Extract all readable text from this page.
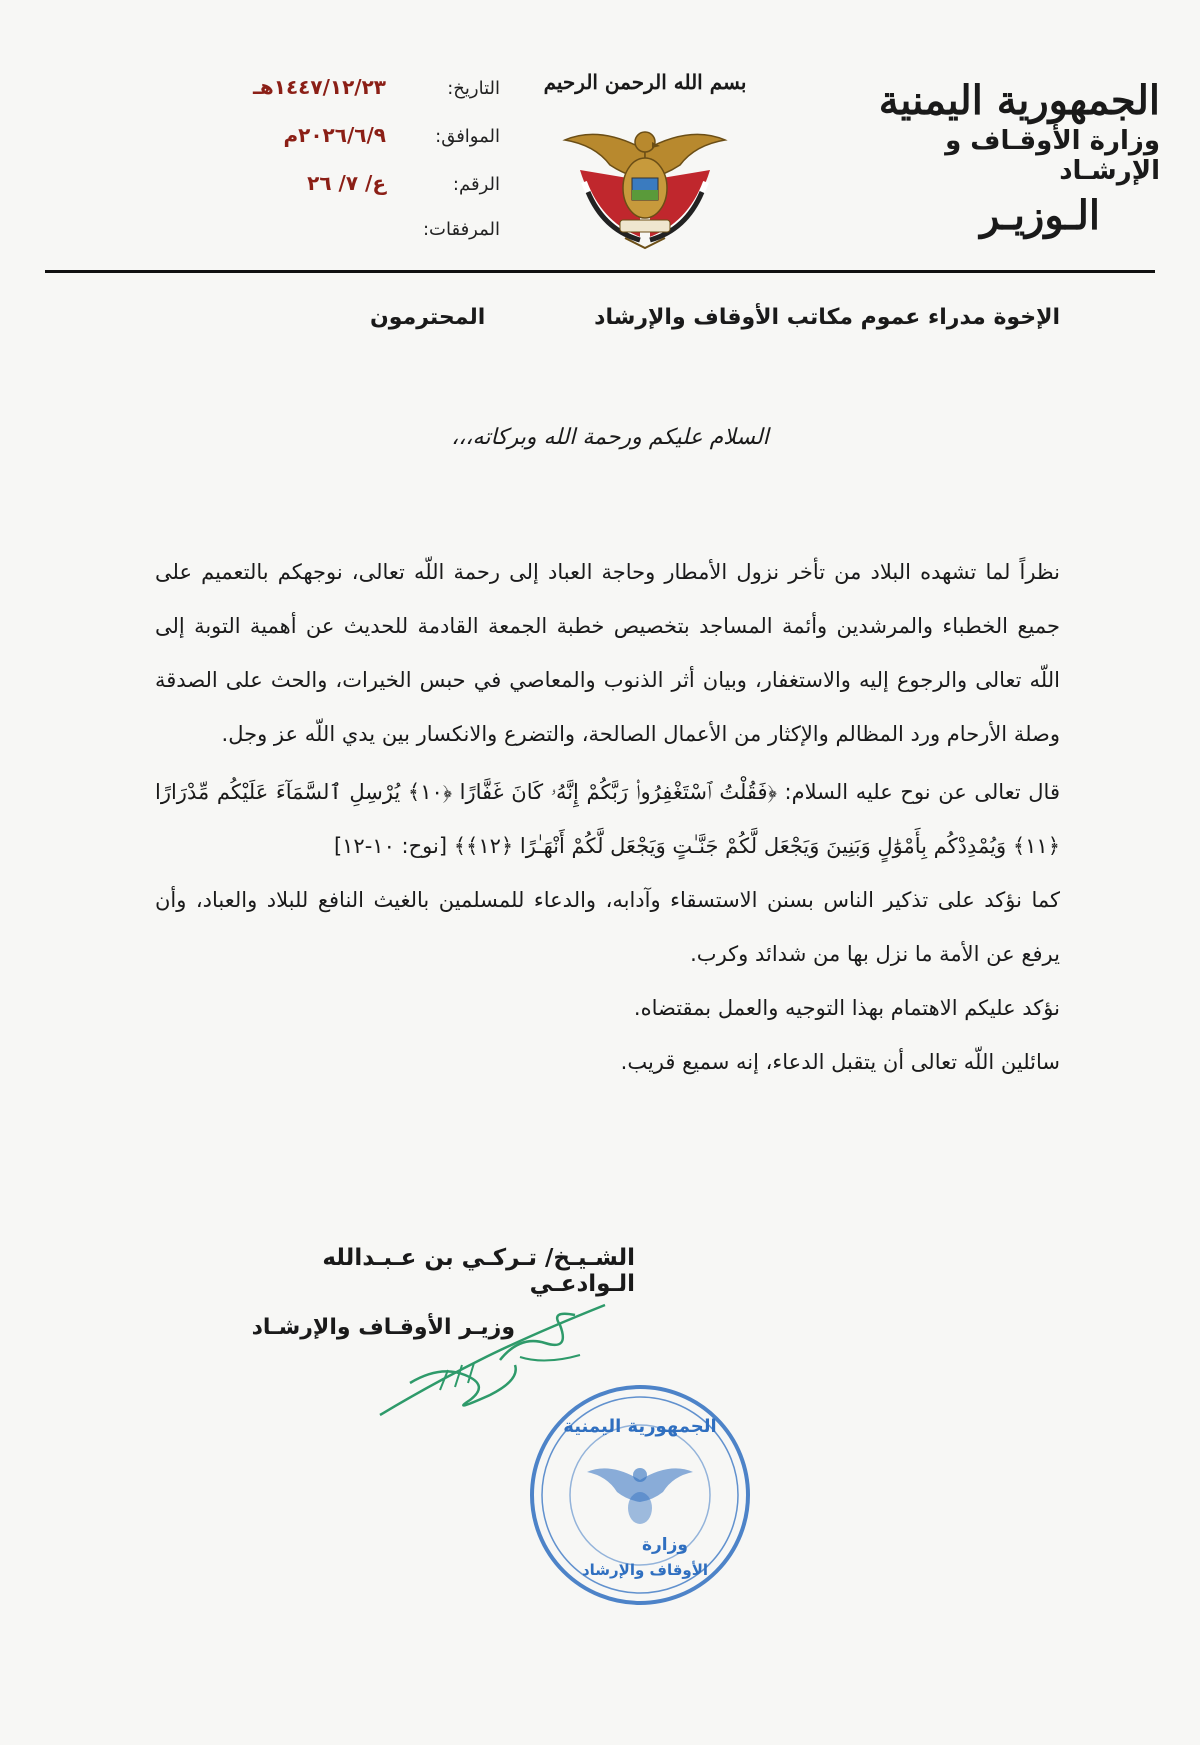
الجمهورية اليمنية
وزارة الأوقـاف و الإرشـاد
الـوزيـر
بسم الله الرحمن الرحيم
التاريخ:
١٤٤٧/١٢/٢٣هـ
الموافق:
٢٠٢٦/٦/٩م
الرقم:
ع/ ٧/ ٢٦
المرفقات:
الإخوة مدراء عموم مكاتب الأوقاف والإرشاد
المحترمون
السلام عليكم ورحمة الله وبركاته،،،

نظراً لما تشهده البلاد من تأخر نزول الأمطار وحاجة العباد إلى رحمة اللّه تعالى، نوجهكم بالتعميم على جميع الخطباء والمرشدين وأئمة المساجد بتخصيص خطبة الجمعة القادمة للحديث عن أهمية التوبة إلى اللّه تعالى والرجوع إليه والاستغفار، وبيان أثر الذنوب والمعاصي في حبس الخيرات، والحث على الصدقة وصلة الأرحام ورد المظالم والإكثار من الأعمال الصالحة، والتضرع والانكسار بين يدي اللّه عز وجل.

قال تعالى عن نوح عليه السلام: ﴿فَقُلْتُ ٱسْتَغْفِرُوا۟ رَبَّكُمْ إِنَّهُۥ كَانَ غَفَّارًا ﴿١٠﴾ يُرْسِلِ ٱلسَّمَآءَ عَلَيْكُم مِّدْرَارًا ﴿١١﴾ وَيُمْدِدْكُم بِأَمْوَٰلٍ وَبَنِينَ وَيَجْعَل لَّكُمْ جَنَّـٰتٍ وَيَجْعَل لَّكُمْ أَنْهَـٰرًا ﴿١٢﴾﴾ [نوح: ١٠-١٢]

كما نؤكد على تذكير الناس بسنن الاستسقاء وآدابه، والدعاء للمسلمين بالغيث النافع للبلاد والعباد، وأن يرفع عن الأمة ما نزل بها من شدائد وكرب.

نؤكد عليكم الاهتمام بهذا التوجيه والعمل بمقتضاه.

سائلين اللّه تعالى أن يتقبل الدعاء، إنه سميع قريب.

الشـيـخ/ تـركـي بن عـبـدالله الـوادعـي
وزيـر الأوقـاف والإرشـاد
الجمهورية اليمنية
وزارة
الأوقاف والإرشاد
